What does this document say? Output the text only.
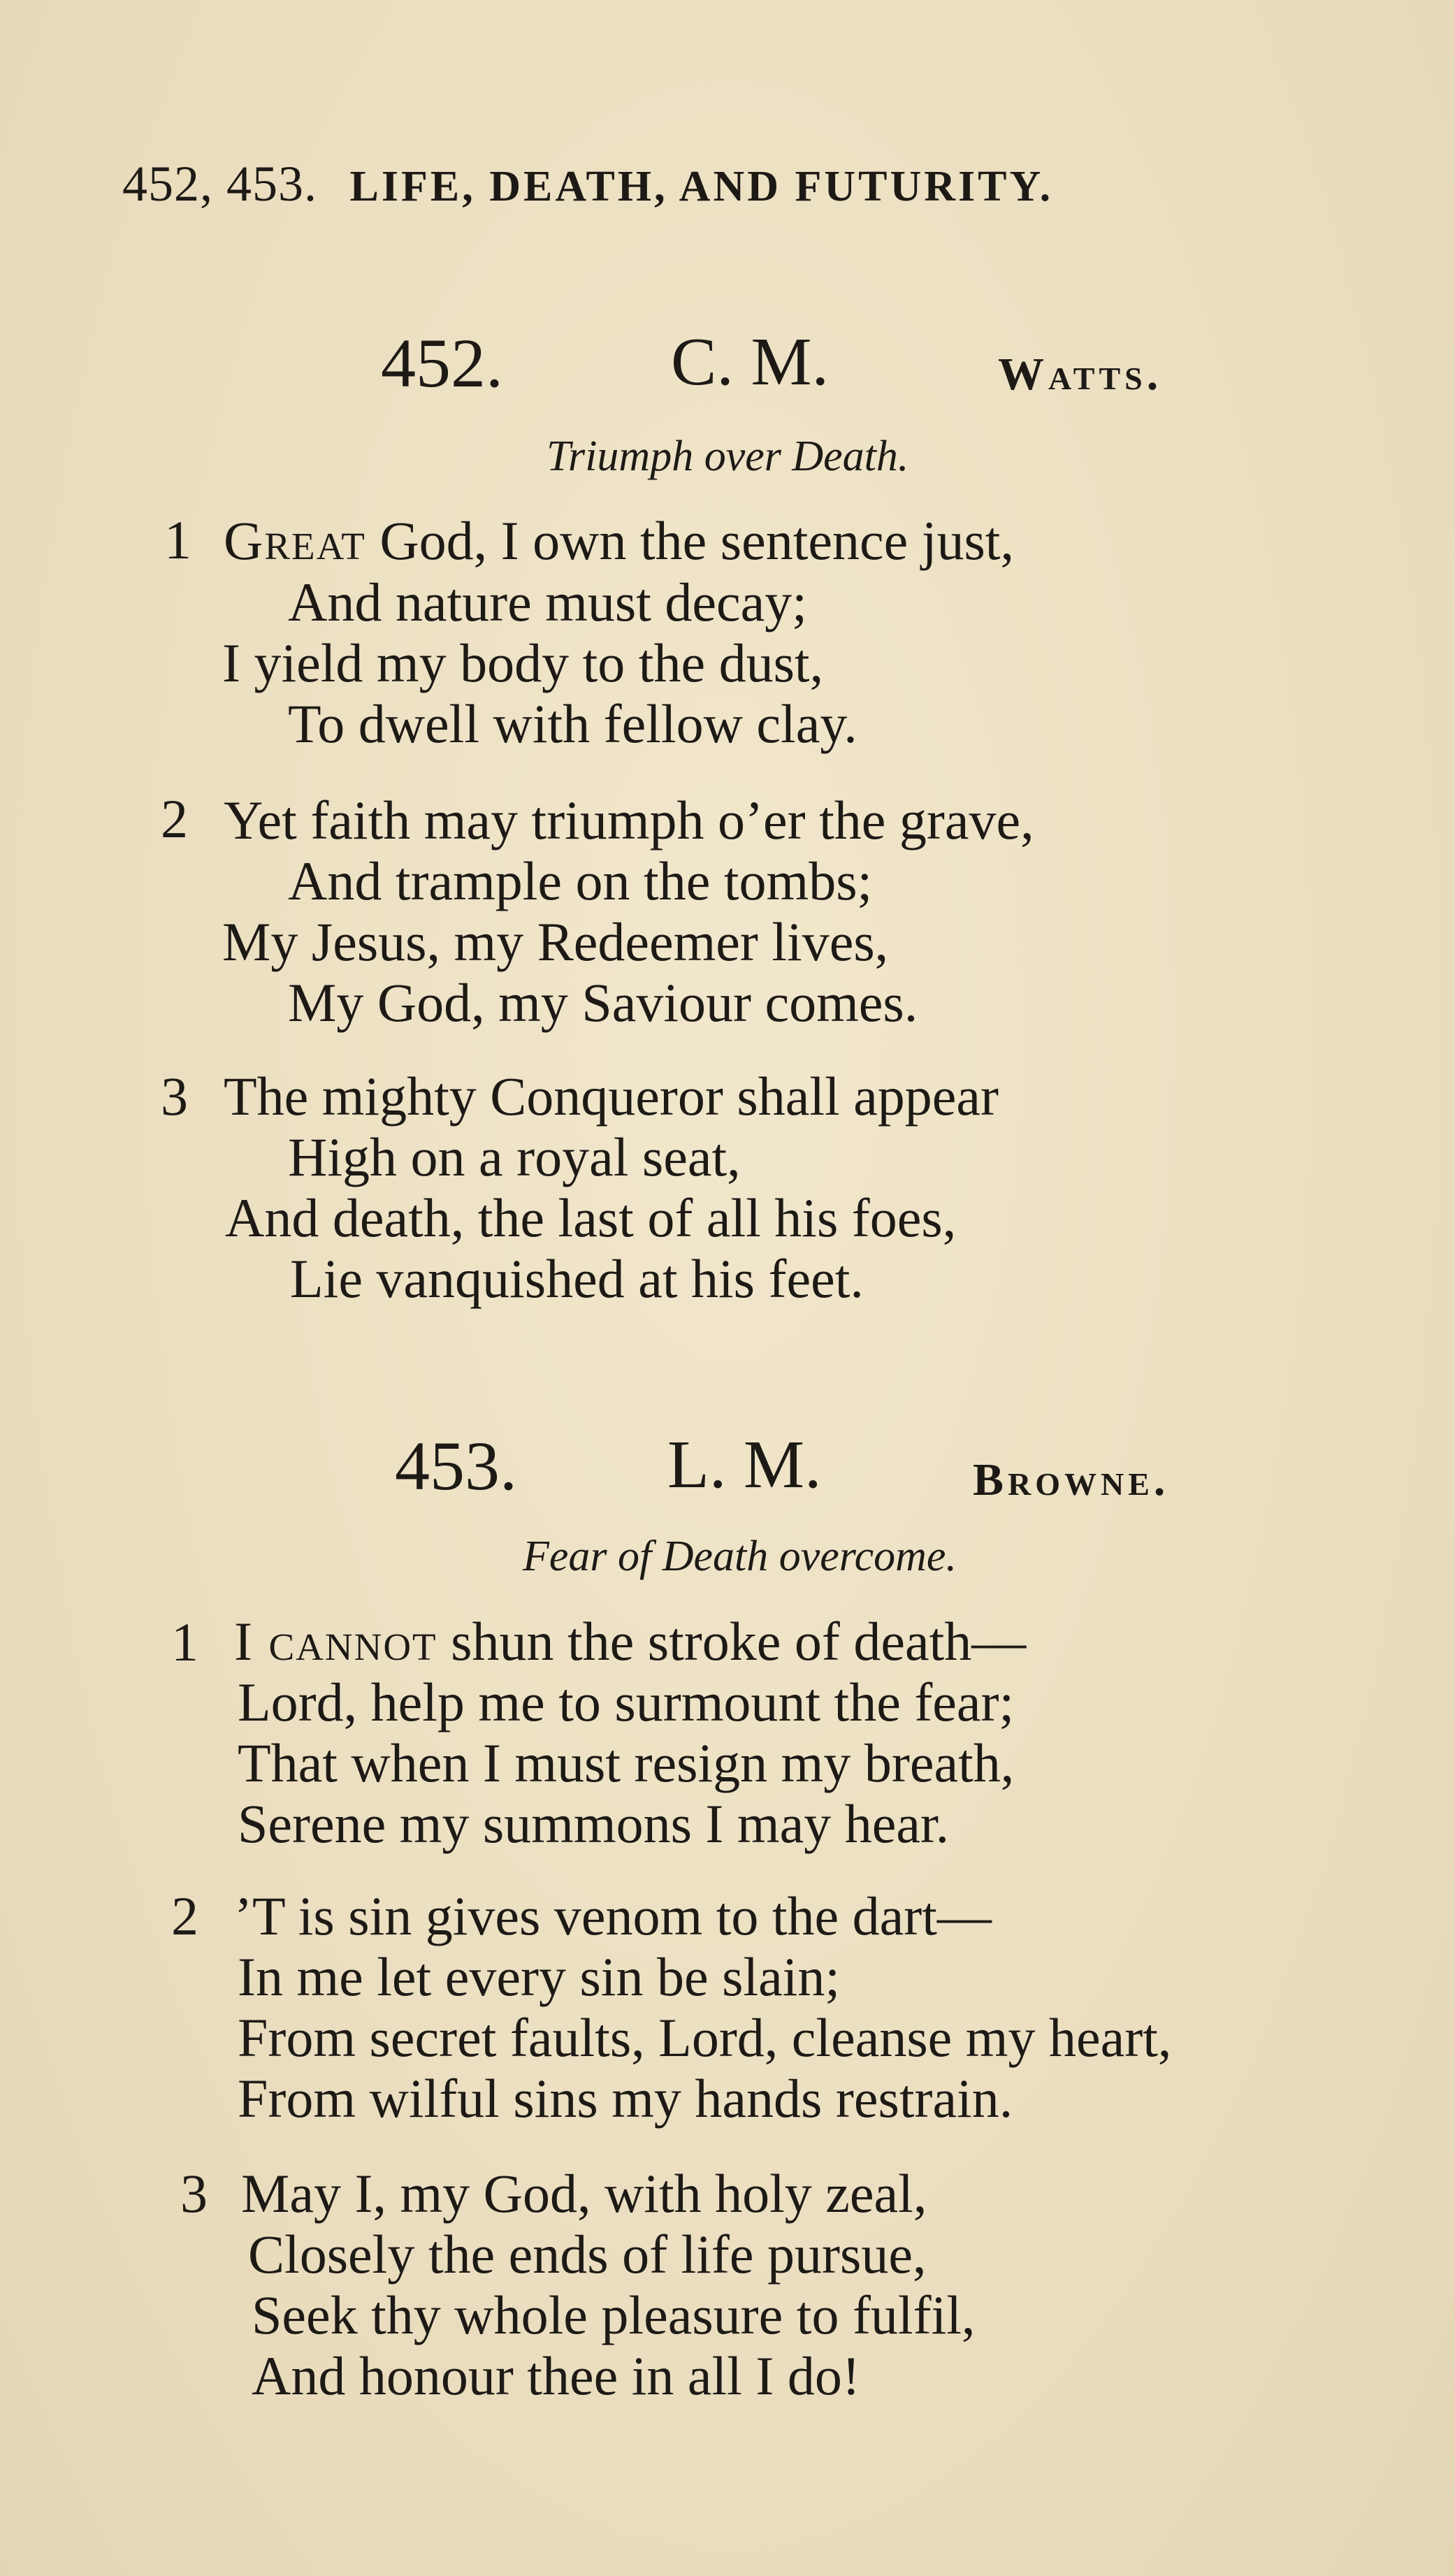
452, 453. LIFE, DEATH, AND FUTURITY.
452. C. M.	Watts.
Triumph over Death.
1 Great God, I own the sentence just,
And nature must decay;
I yield my body to the dust,
To dwell with fellow clay.
2 Yet faith may triumph o’er the grave,
And trample on the tombs;
My Jesus, my Redeemer lives,
My God, my Saviour comes.
3 The mighty Conqueror shall appear
High on a royal seat,
And death, the last of all his foes,
Lie vanquished at his feet.
453. L. M.	Browne.
Fear of Death overcome.
1 I cannot shun the stroke of death—
Lord, help me to surmount the fear;
That when I must resign my breath,
Serene my summons I may hear.
2 ’T is sin gives venom to the dart—
In me let every sin be slain;
From secret faults, Lord, cleanse my heart,
From wilful sins my hands restrain.
3 May I, my God, with holy zeal,
Closely the ends of life pursue,
Seek thy whole pleasure to fulfil,
And honour thee in all I do!
